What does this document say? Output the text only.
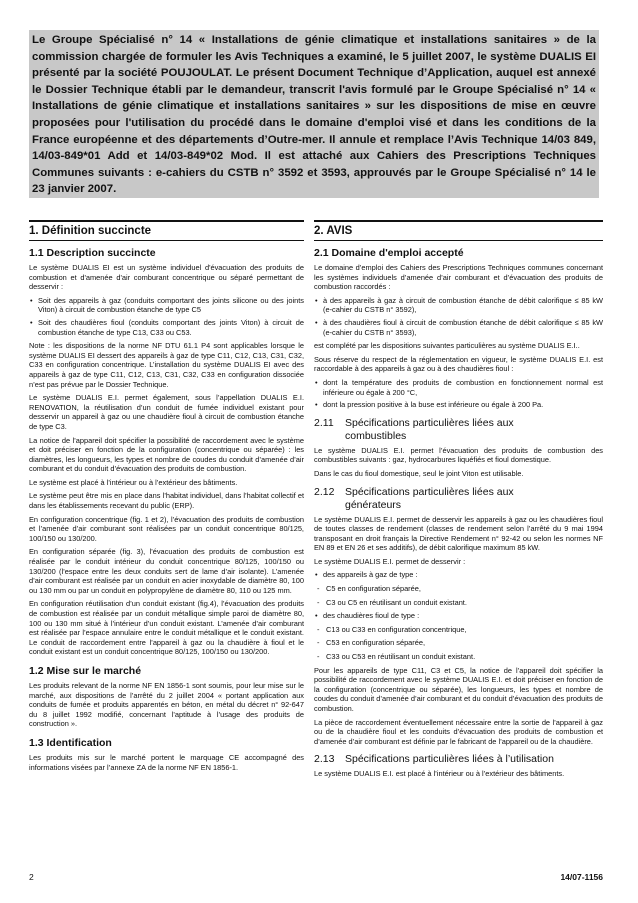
Le Groupe Spécialisé n° 14 « Installations de génie climatique et installations sanitaires » de la commission chargée de formuler les Avis Techniques a examiné, le 5 juillet 2007, le système DUALIS EI présenté par la société POUJOULAT. Le présent Document Technique d’Application, auquel est annexé le Dossier Technique établi par le demandeur, transcrit l'avis formulé par le Groupe Spécialisé n° 14 « Installations de génie climatique et installations sanitaires » sur les dispositions de mise en œuvre proposées pour l'utilisation du procédé dans le domaine d'emploi visé et dans les conditions de la France européenne et des départements d’Outre-mer. Il annule et remplace l’Avis Technique 14/03 849, 14/03-849*01 Add et 14/03-849*02 Mod. Il est attaché aux Cahiers des Prescriptions Techniques Communes suivants : e-cahiers du CSTB n° 3592 et 3593, approuvés par le Groupe Spécialisé n° 14 le 23 janvier 2007.
1. Définition succincte
1.1 Description succincte

Le système DUALIS EI est un système individuel d'évacuation des produits de combustion et d'amenée d'air comburant concentrique ou séparé permettant de desservir :

• Soit des appareils à gaz (conduits comportant des joints silicone ou des joints Viton) à circuit de combustion étanche de type C5
• Soit des chaudières fioul (conduits comportant des joints Viton) à circuit de combustion étanche de type C13, C33 ou C53.

Note : les dispositions de la norme NF DTU 61.1 P4 sont applicables lorsque le système DUALIS EI dessert des appareils à gaz de type C11, C12, C13, C31, C32, C33 en configuration concentrique. L’installation du système DUALIS EI avec des appareils à gaz de type C11, C12, C13, C31, C32, C33 en configuration dissociée n’est pas prévue par le Dossier Technique.

Le système DUALIS E.I. permet également, sous l’appellation DUALIS E.I. RENOVATION, la réutilisation d’un conduit de fumée individuel existant pour desservir un appareil à gaz ou une chaudière fioul à circuit de combustion étanche de type C3.

La notice de l’appareil doit spécifier la possibilité de raccordement avec le système et doit préciser en fonction de la configuration (concentrique ou séparée) : les diamètres, les longueurs, les types et nombre de coudes du conduit d’amenée d’air comburant et du conduit d’évacuation des produits de combustion.

Le système est placé à l’intérieur ou à l’extérieur des bâtiments.

Le système peut être mis en place dans l’habitat individuel, dans l’habitat collectif et dans les établissements recevant du public (ERP).

En configuration concentrique (fig. 1 et 2), l’évacuation des produits de combustion et l’amenée d’air comburant sont réalisées par un conduit concentrique 80/125, 100/150 ou 130/200.

En configuration séparée (fig. 3), l’évacuation des produits de combustion est réalisée par le conduit intérieur du conduit concentrique 80/125, 100/150 ou 130/200 (l’espace entre les deux conduits sert de lame d’air isolante). L’amenée d’air comburant est réalisée par un conduit en acier inoxydable de diamètre 80, 100 ou 130 mm ou par un conduit en polypropylène de diamètre 80, 110 ou 125 mm.

En configuration réutilisation d’un conduit existant (fig.4), l’évacuation des produits de combustion est réalisée par un conduit métallique simple paroi de diamètre 80, 100 ou 130 mm situé à l’intérieur d’un conduit existant. L’amenée d’air comburant est réalisée par l’espace annulaire entre le conduit métallique et le conduit existant. Le conduit de raccordement entre l’appareil à gaz ou la chaudière à fioul et le conduit existant est un conduit concentrique 80/125, 100/150 ou 130/200.

1.2 Mise sur le marché

Les produits relevant de la norme NF EN 1856-1 sont soumis, pour leur mise sur le marché, aux dispositions de l’arrêté du 2 juillet 2004 « portant application aux conduits de fumée et produits apparentés en béton, en métal du décret n° 92-647 du 8 juillet 1992 modifié, concernant l’aptitude à l’usage des produits de construction ».

1.3 Identification

Les produits mis sur le marché portent le marquage CE accompagné des informations visées par l’annexe ZA de la norme NF EN 1856-1.

2. AVIS
2.1 Domaine d'emploi accepté

Le domaine d’emploi des Cahiers des Prescriptions Techniques communes concernant les systèmes individuels d’amenée d’air comburant et d’évacuation des produits de combustion raccordés :

• à des appareils à gaz à circuit de combustion étanche de débit calorifique ≤ 85 kW (e-cahier du CSTB n° 3592),
• à des chaudières fioul à circuit de combustion étanche de débit calorifique ≤ 85 kW (e-cahier du CSTB n° 3593),

est complété par les dispositions suivantes particulières au système DUALIS E.I..

Sous réserve du respect de la réglementation en vigueur, le système DUALIS E.I. est raccordable à des appareils à gaz ou à des chaudières fioul :

• dont la température des produits de combustion en fonctionnement normal est inférieure ou égale à 200 °C,
• dont la pression positive à la buse est inférieure ou égale à 200 Pa.
2.11 Spécifications particulières liées aux
combustibles

Le système DUALIS E.I. permet l’évacuation des produits de combustion des combustibles suivants : gaz, hydrocarbures liquéfiés et fioul domestique.

Dans le cas du fioul domestique, seul le joint Viton est utilisable.

2.12 Spécifications particulières liées aux
générateurs

Le système DUALIS E.I. permet de desservir les appareils à gaz ou les chaudières fioul de toutes classes de rendement (classes de rendement selon l’arrêté du 9 mai 1994 transposant en droit français la Directive Rendement n° 92-42 ou selon les normes NF EN 89 et EN 26 et ses additifs), de débit calorifique maximum 85 kW.

Le système DUALIS E.I. permet de desservir :

• des appareils à gaz de type :
- C5 en configuration séparée,
- C3 ou C5 en réutilisant un conduit existant.
• des chaudières fioul de type :
- C13 ou C33 en configuration concentrique,
- C53 en configuration séparée,
- C33 ou C53 en réutilisant un conduit existant.

Pour les appareils de type C11, C3 et C5, la notice de l’appareil doit spécifier la possibilité de raccordement avec le système DUALIS E.I. et doit préciser en fonction de la configuration (concentrique ou séparée), les longueurs, les types et nombre de coudes du conduit d’amenée d’air comburant et du conduit d’évacuation des produits de combustion.

La pièce de raccordement éventuellement nécessaire entre la sortie de l’appareil à gaz ou de la chaudière fioul et les conduits d’évacuation des produits de combustion et d’amenée d’air comburant est définie par le fabricant de l’appareil ou de la chaudière.

2.13 Spécifications particulières liées à l’utilisation

Le système DUALIS E.I. est placé à l’intérieur ou à l’extérieur des bâtiments.

2	14/07-1156
